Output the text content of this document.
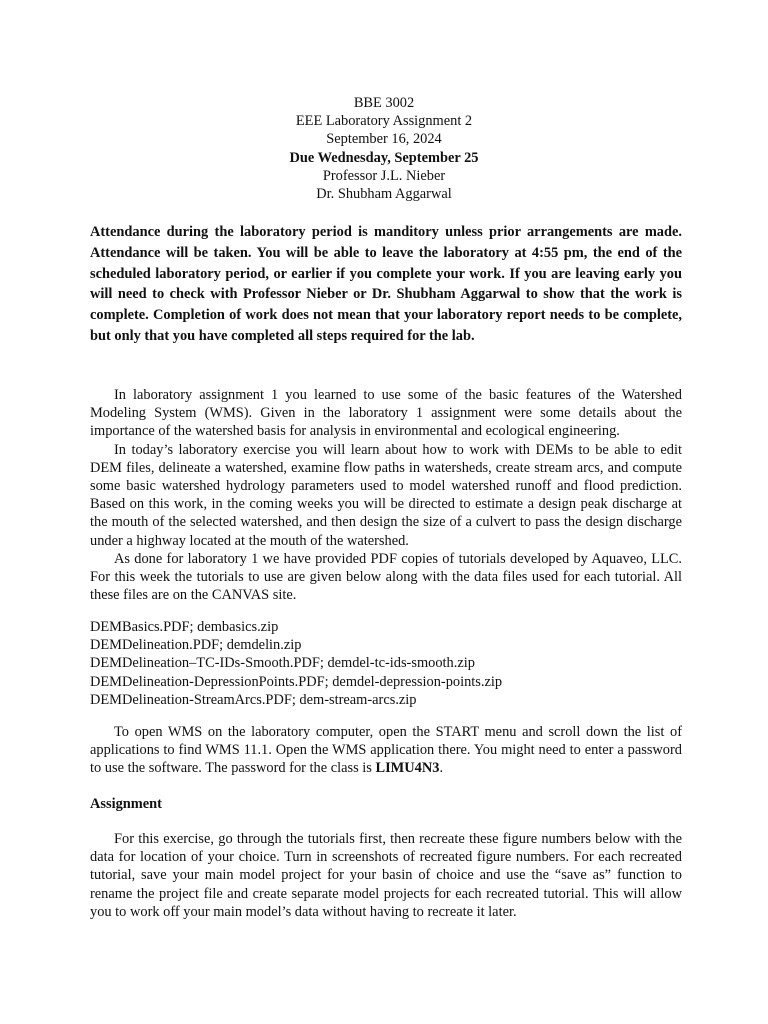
BBE 3002
EEE Laboratory Assignment 2
September 16, 2024
Due Wednesday, September 25
Professor J.L. Nieber
Dr. Shubham Aggarwal
Attendance during the laboratory period is manditory unless prior arrangements are made. Attendance will be taken. You will be able to leave the laboratory at 4:55 pm, the end of the scheduled laboratory period, or earlier if you complete your work. If you are leaving early you will need to check with Professor Nieber or Dr. Shubham Aggarwal to show that the work is complete. Completion of work does not mean that your laboratory report needs to be complete, but only that you have completed all steps required for the lab.

In laboratory assignment 1 you learned to use some of the basic features of the Watershed Modeling System (WMS). Given in the laboratory 1 assignment were some details about the importance of the watershed basis for analysis in environmental and ecological engineering.

In today’s laboratory exercise you will learn about how to work with DEMs to be able to edit DEM files, delineate a watershed, examine flow paths in watersheds, create stream arcs, and compute some basic watershed hydrology parameters used to model watershed runoff and flood prediction. Based on this work, in the coming weeks you will be directed to estimate a design peak discharge at the mouth of the selected watershed, and then design the size of a culvert to pass the design discharge under a highway located at the mouth of the watershed.

As done for laboratory 1 we have provided PDF copies of tutorials developed by Aquaveo, LLC. For this week the tutorials to use are given below along with the data files used for each tutorial. All these files are on the CANVAS site.

DEMBasics.PDF; dembasics.zip
DEMDelineation.PDF; demdelin.zip
DEMDelineation–TC-IDs-Smooth.PDF; demdel-tc-ids-smooth.zip
DEMDelineation-DepressionPoints.PDF; demdel-depression-points.zip
DEMDelineation-StreamArcs.PDF; dem-stream-arcs.zip

To open WMS on the laboratory computer, open the START menu and scroll down the list of applications to find WMS 11.1. Open the WMS application there. You might need to enter a password to use the software. The password for the class is LIMU4N3.

Assignment

For this exercise, go through the tutorials first, then recreate these figure numbers below with the data for location of your choice. Turn in screenshots of recreated figure numbers. For each recreated tutorial, save your main model project for your basin of choice and use the “save as” function to rename the project file and create separate model projects for each recreated tutorial. This will allow you to work off your main model’s data without having to recreate it later.
